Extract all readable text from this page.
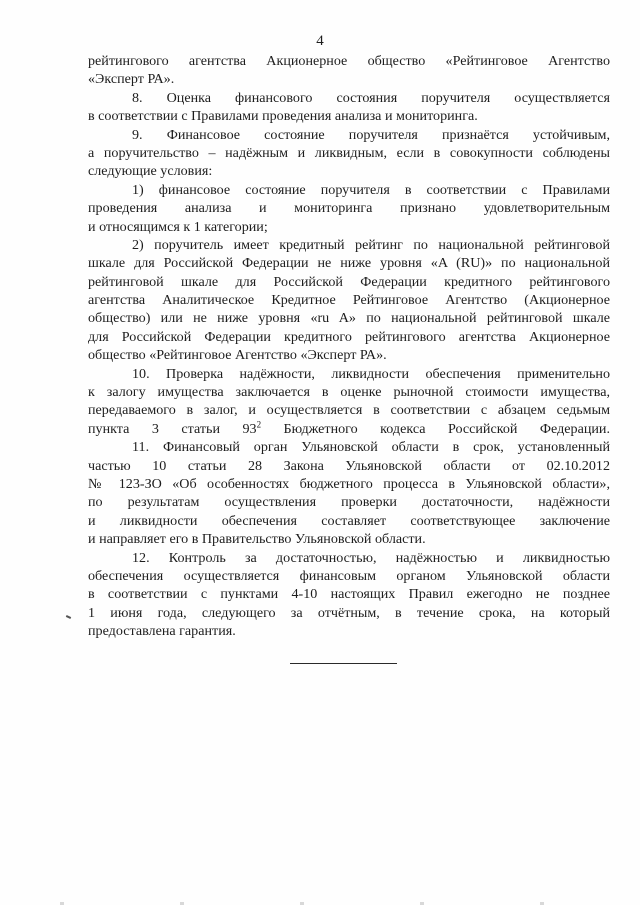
4
рейтингового агентства Акционерное общество «Рейтинговое Агентство
«Эксперт РА».
8. Оценка финансового состояния поручителя осуществляется
в соответствии с Правилами проведения анализа и мониторинга.
9. Финансовое состояние поручителя признаётся устойчивым,
а поручительство – надёжным и ликвидным, если в совокупности соблюдены
следующие условия:
1) финансовое состояние поручителя в соответствии с Правилами
проведения анализа и мониторинга признано удовлетворительным
и относящимся к 1 категории;
2) поручитель имеет кредитный рейтинг по национальной рейтинговой
шкале для Российской Федерации не ниже уровня «A (RU)» по национальной
рейтинговой шкале для Российской Федерации кредитного рейтингового
агентства Аналитическое Кредитное Рейтинговое Агентство (Акционерное
общество) или не ниже уровня «ru A» по национальной рейтинговой шкале
для Российской Федерации кредитного рейтингового агентства Акционерное
общество «Рейтинговое Агентство «Эксперт РА».
10. Проверка надёжности, ликвидности обеспечения применительно
к залогу имущества заключается в оценке рыночной стоимости имущества,
передаваемого в залог, и осуществляется в соответствии с абзацем седьмым
пункта 3 статьи $93^2$ Бюджетного кодекса Российской Федерации.
11. Финансовый орган Ульяновской области в срок, установленный
частью 10 статьи 28 Закона Ульяновской области от 02.10.2012
№ 123-ЗО «Об особенностях бюджетного процесса в Ульяновской области»,
по результатам осуществления проверки достаточности, надёжности
и ликвидности обеспечения составляет соответствующее заключение
и направляет его в Правительство Ульяновской области.
12. Контроль за достаточностью, надёжностью и ликвидностью
обеспечения осуществляется финансовым органом Ульяновской области
в соответствии с пунктами 4-10 настоящих Правил ежегодно не позднее
1 июня года, следующего за отчётным, в течение срока, на который
предоставлена гарантия.
